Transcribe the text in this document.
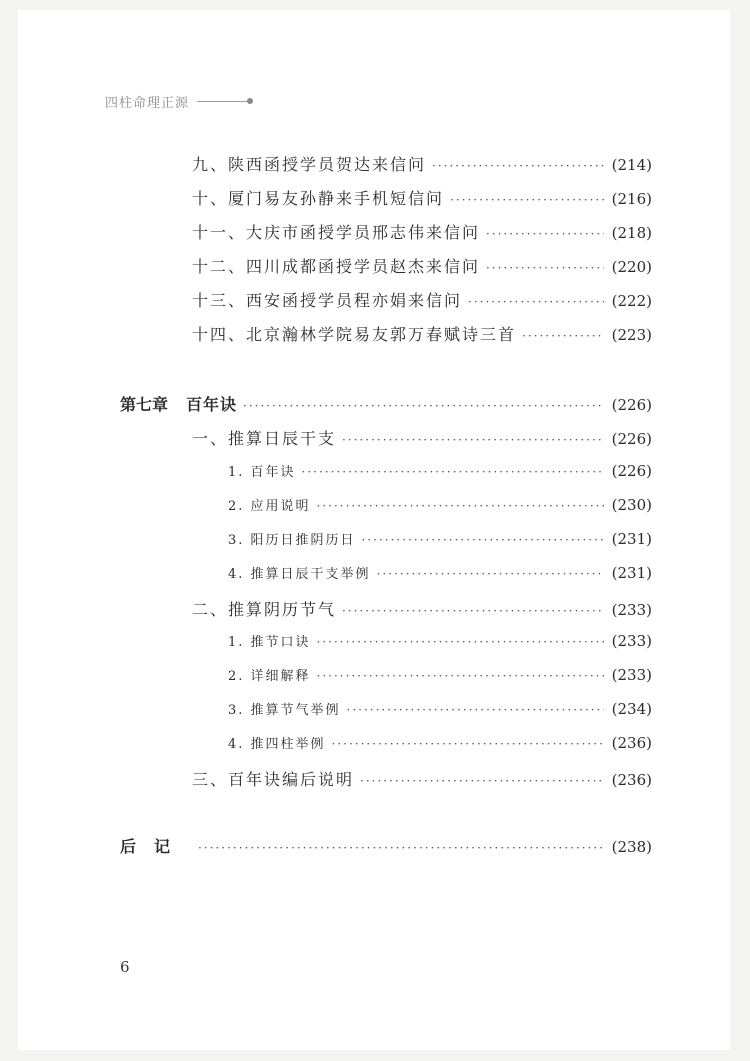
四柱命理正源
九、陕西函授学员贺达来信问 ·····	(214)
十、厦门易友孙静来手机短信问 ·····	(216)
十一、大庆市函授学员邢志伟来信问 ·····	(218)
十二、四川成都函授学员赵杰来信问 ·····	(220)
十三、西安函授学员程亦娟来信问 ·····	(222)
十四、北京瀚林学院易友郭万春赋诗三首 ·····	(223)
第七章 百年诀 ·····	(226)
一、推算日辰干支 ·····	(226)
1. 百年诀 ·····	(226)
2. 应用说明 ·····	(230)
3. 阳历日推阴历日 ·····	(231)
4. 推算日辰干支举例 ·····	(231)
二、推算阴历节气 ·····	(233)
1. 推节口诀 ·····	(233)
2. 详细解释 ·····	(233)
3. 推算节气举例 ·····	(234)
4. 推四柱举例 ·····	(236)
三、百年诀编后说明 ·····	(236)
后记 ·····	(238)
6
